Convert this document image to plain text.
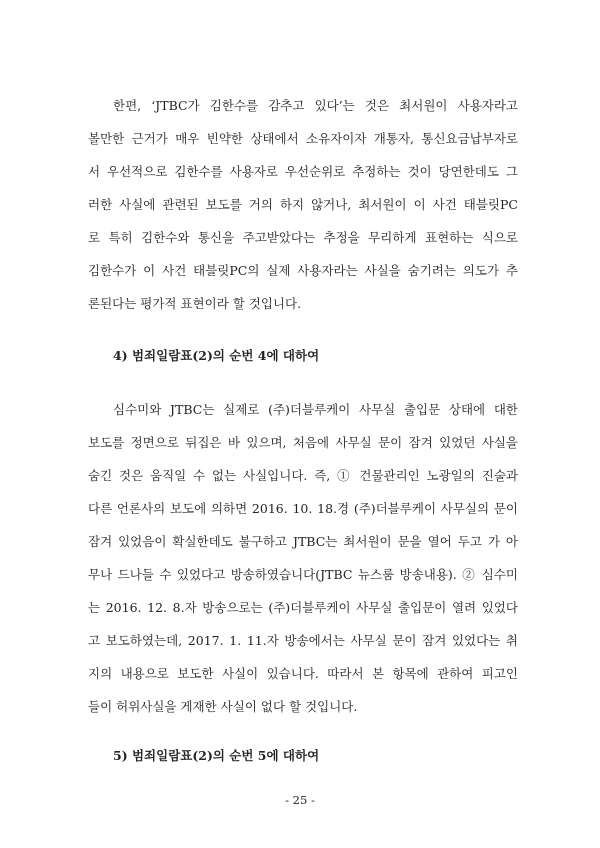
한편, ‘JTBC가 김한수를 감추고 있다’는 것은 최서원이 사용자라고
볼만한 근거가 매우 빈약한 상태에서 소유자이자 개통자, 통신요금납부자로
서 우선적으로 김한수를 사용자로 우선순위로 추정하는 것이 당연한데도 그
러한 사실에 관련된 보도를 거의 하지 않거나, 최서원이 이 사건 태블릿PC
로 특히 김한수와 통신을 주고받았다는 추정을 무리하게 표현하는 식으로
김한수가 이 사건 태블릿PC의 실제 사용자라는 사실을 숨기려는 의도가 추
론된다는 평가적 표현이라 할 것입니다.
4) 범죄일람표(2)의 순번 4에 대하여
심수미와 JTBC는 실제로 (주)더블루케이 사무실 출입문 상태에 대한
보도를 정면으로 뒤집은 바 있으며, 처음에 사무실 문이 잠겨 있었던 사실을
숨긴 것은 움직일 수 없는 사실입니다. 즉, ① 건물관리인 노광일의 진술과
다른 언론사의 보도에 의하면 2016. 10. 18.경 (주)더블루케이 사무실의 문이
잠겨 있었음이 확실한데도 불구하고 JTBC는 최서원이 문을 열어 두고 가 아
무나 드나들 수 있었다고 방송하였습니다(JTBC 뉴스룸 방송내용). ② 심수미
는 2016. 12. 8.자 방송으로는 (주)더블루케이 사무실 출입문이 열려 있었다
고 보도하였는데, 2017. 1. 11.자 방송에서는 사무실 문이 잠겨 있었다는 취
지의 내용으로 보도한 사실이 있습니다. 따라서 본 항목에 관하여 피고인
들이 허위사실을 게재한 사실이 없다 할 것입니다.
5) 범죄일람표(2)의 순번 5에 대하여
- 25 -
